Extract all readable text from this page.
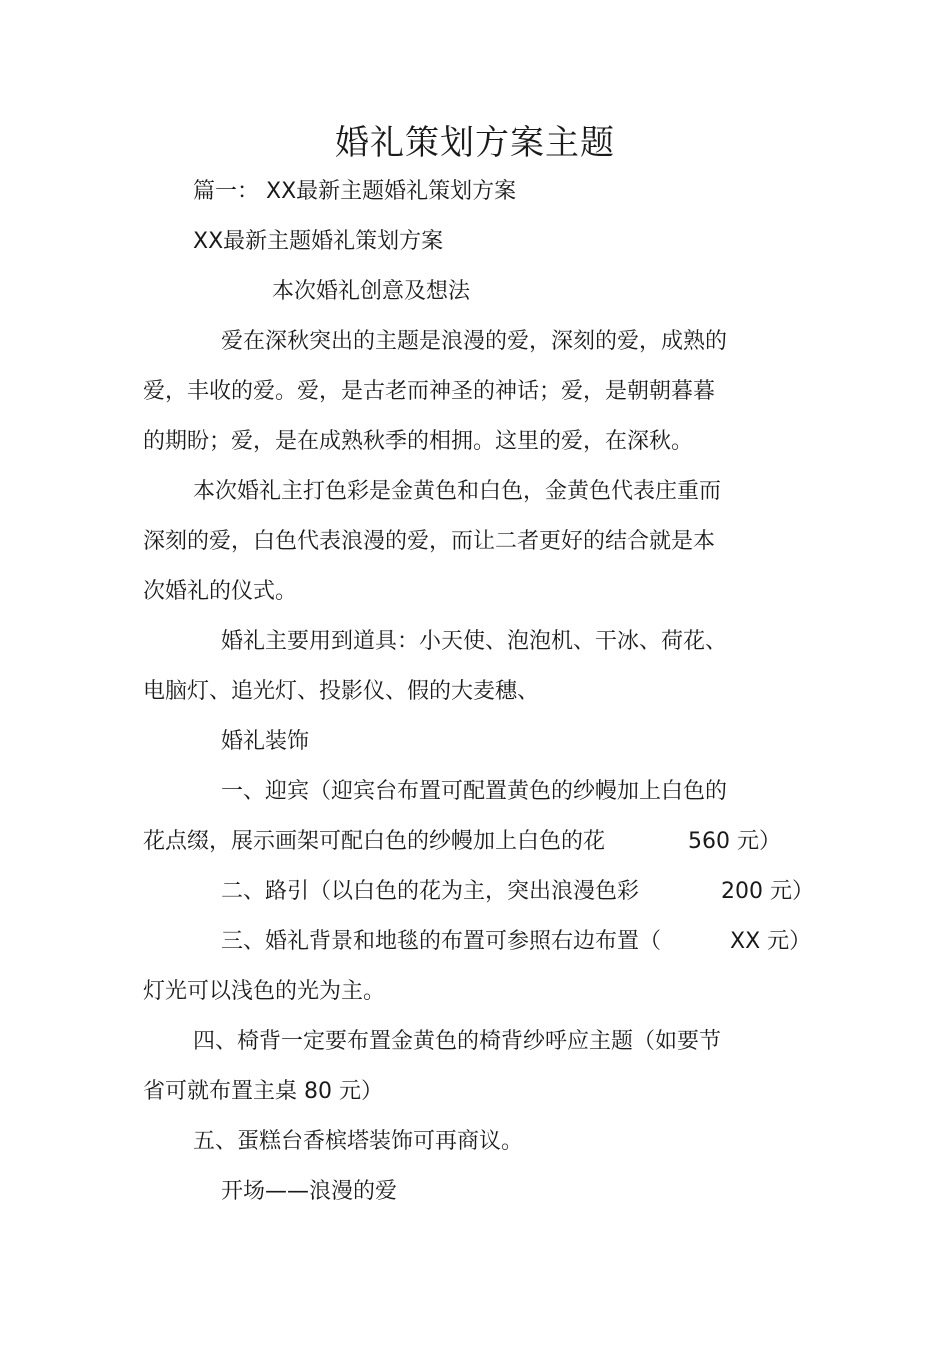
婚礼策划方案主题
篇一： XX最新主题婚礼策划方案
XX最新主题婚礼策划方案
本次婚礼创意及想法
爱在深秋突出的主题是浪漫的爱，深刻的爱，成熟的
爱，丰收的爱。爱，是古老而神圣的神话；爱，是朝朝暮暮
的期盼；爱，是在成熟秋季的相拥。这里的爱，在深秋。
本次婚礼主打色彩是金黄色和白色，金黄色代表庄重而
深刻的爱，白色代表浪漫的爱，而让二者更好的结合就是本
次婚礼的仪式。
婚礼主要用到道具：小天使、泡泡机、干冰、荷花、
电脑灯、追光灯、投影仪、假的大麦穗、
婚礼装饰
一、迎宾（迎宾台布置可配置黄色的纱幔加上白色的
花点缀，展示画架可配白色的纱幔加上白色的花	560 元）
二、路引（以白色的花为主，突出浪漫色彩	200 元）
三、婚礼背景和地毯的布置可参照右边布置（	XX 元）
灯光可以浅色的光为主。
四、椅背一定要布置金黄色的椅背纱呼应主题（如要节
省可就布置主桌 80 元）
五、蛋糕台香槟塔装饰可再商议。
开场——浪漫的爱
